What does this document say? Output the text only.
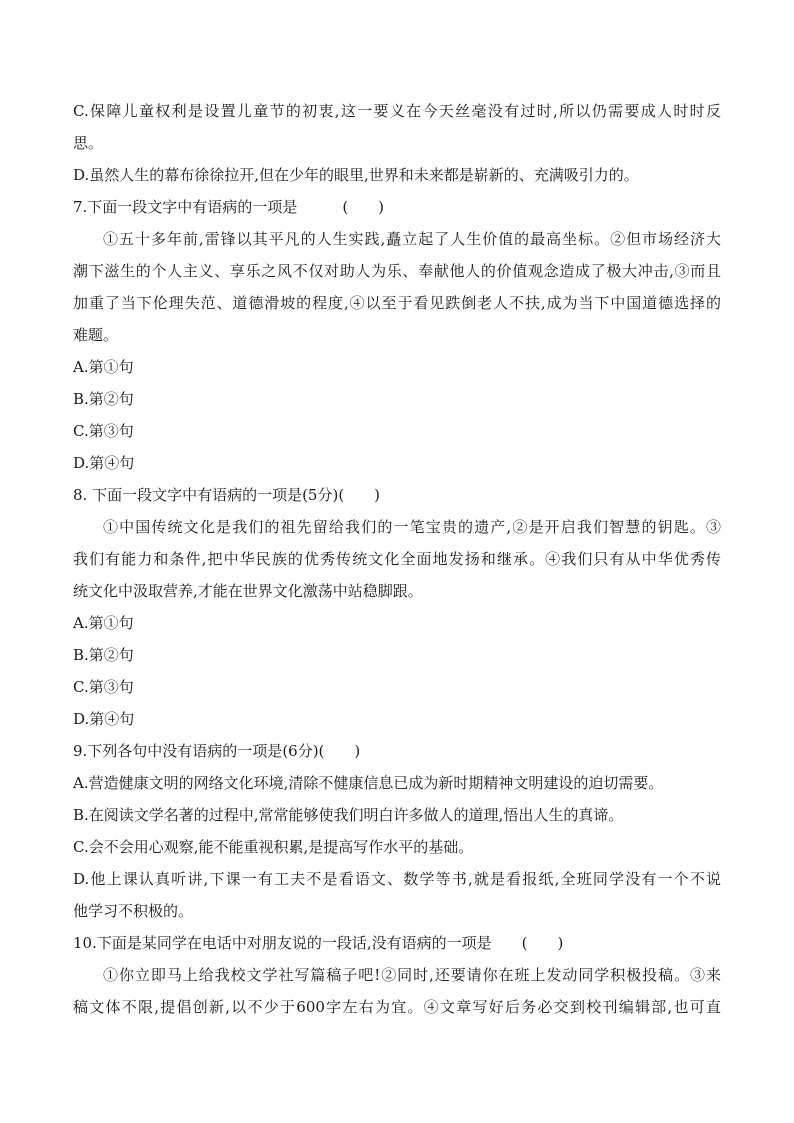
C.保障儿童权利是设置儿童节的初衷,这一要义在今天丝毫没有过时,所以仍需要成人时时反
思。
D.虽然人生的幕布徐徐拉开,但在少年的眼里,世界和未来都是崭新的、充满吸引力的。
7.下面一段文字中有语病的一项是　　　(　　)
①五十多年前,雷锋以其平凡的人生实践,矗立起了人生价值的最高坐标。②但市场经济大
潮下滋生的个人主义、享乐之风不仅对助人为乐、奉献他人的价值观念造成了极大冲击,③而且
加重了当下伦理失范、道德滑坡的程度,④以至于看见跌倒老人不扶,成为当下中国道德选择的
难题。
A.第①句
B.第②句
C.第③句
D.第④句
8. 下面一段文字中有语病的一项是(5分)(　　)
①中国传统文化是我们的祖先留给我们的一笔宝贵的遗产,②是开启我们智慧的钥匙。③
我们有能力和条件,把中华民族的优秀传统文化全面地发扬和继承。④我们只有从中华优秀传
统文化中汲取营养,才能在世界文化激荡中站稳脚跟。
A.第①句
B.第②句
C.第③句
D.第④句
9.下列各句中没有语病的一项是(6分)(　　)
A.营造健康文明的网络文化环境,清除不健康信息已成为新时期精神文明建设的迫切需要。
B.在阅读文学名著的过程中,常常能够使我们明白许多做人的道理,悟出人生的真谛。
C.会不会用心观察,能不能重视积累,是提高写作水平的基础。
D.他上课认真听讲,下课一有工夫不是看语文、数学等书,就是看报纸,全班同学没有一个不说
他学习不积极的。
10.下面是某同学在电话中对朋友说的一段话,没有语病的一项是　　(　　)
①你立即马上给我校文学社写篇稿子吧!②同时,还要请你在班上发动同学积极投稿。③来
稿文体不限,提倡创新,以不少于600字左右为宜。④文章写好后务必交到校刊编辑部,也可直
